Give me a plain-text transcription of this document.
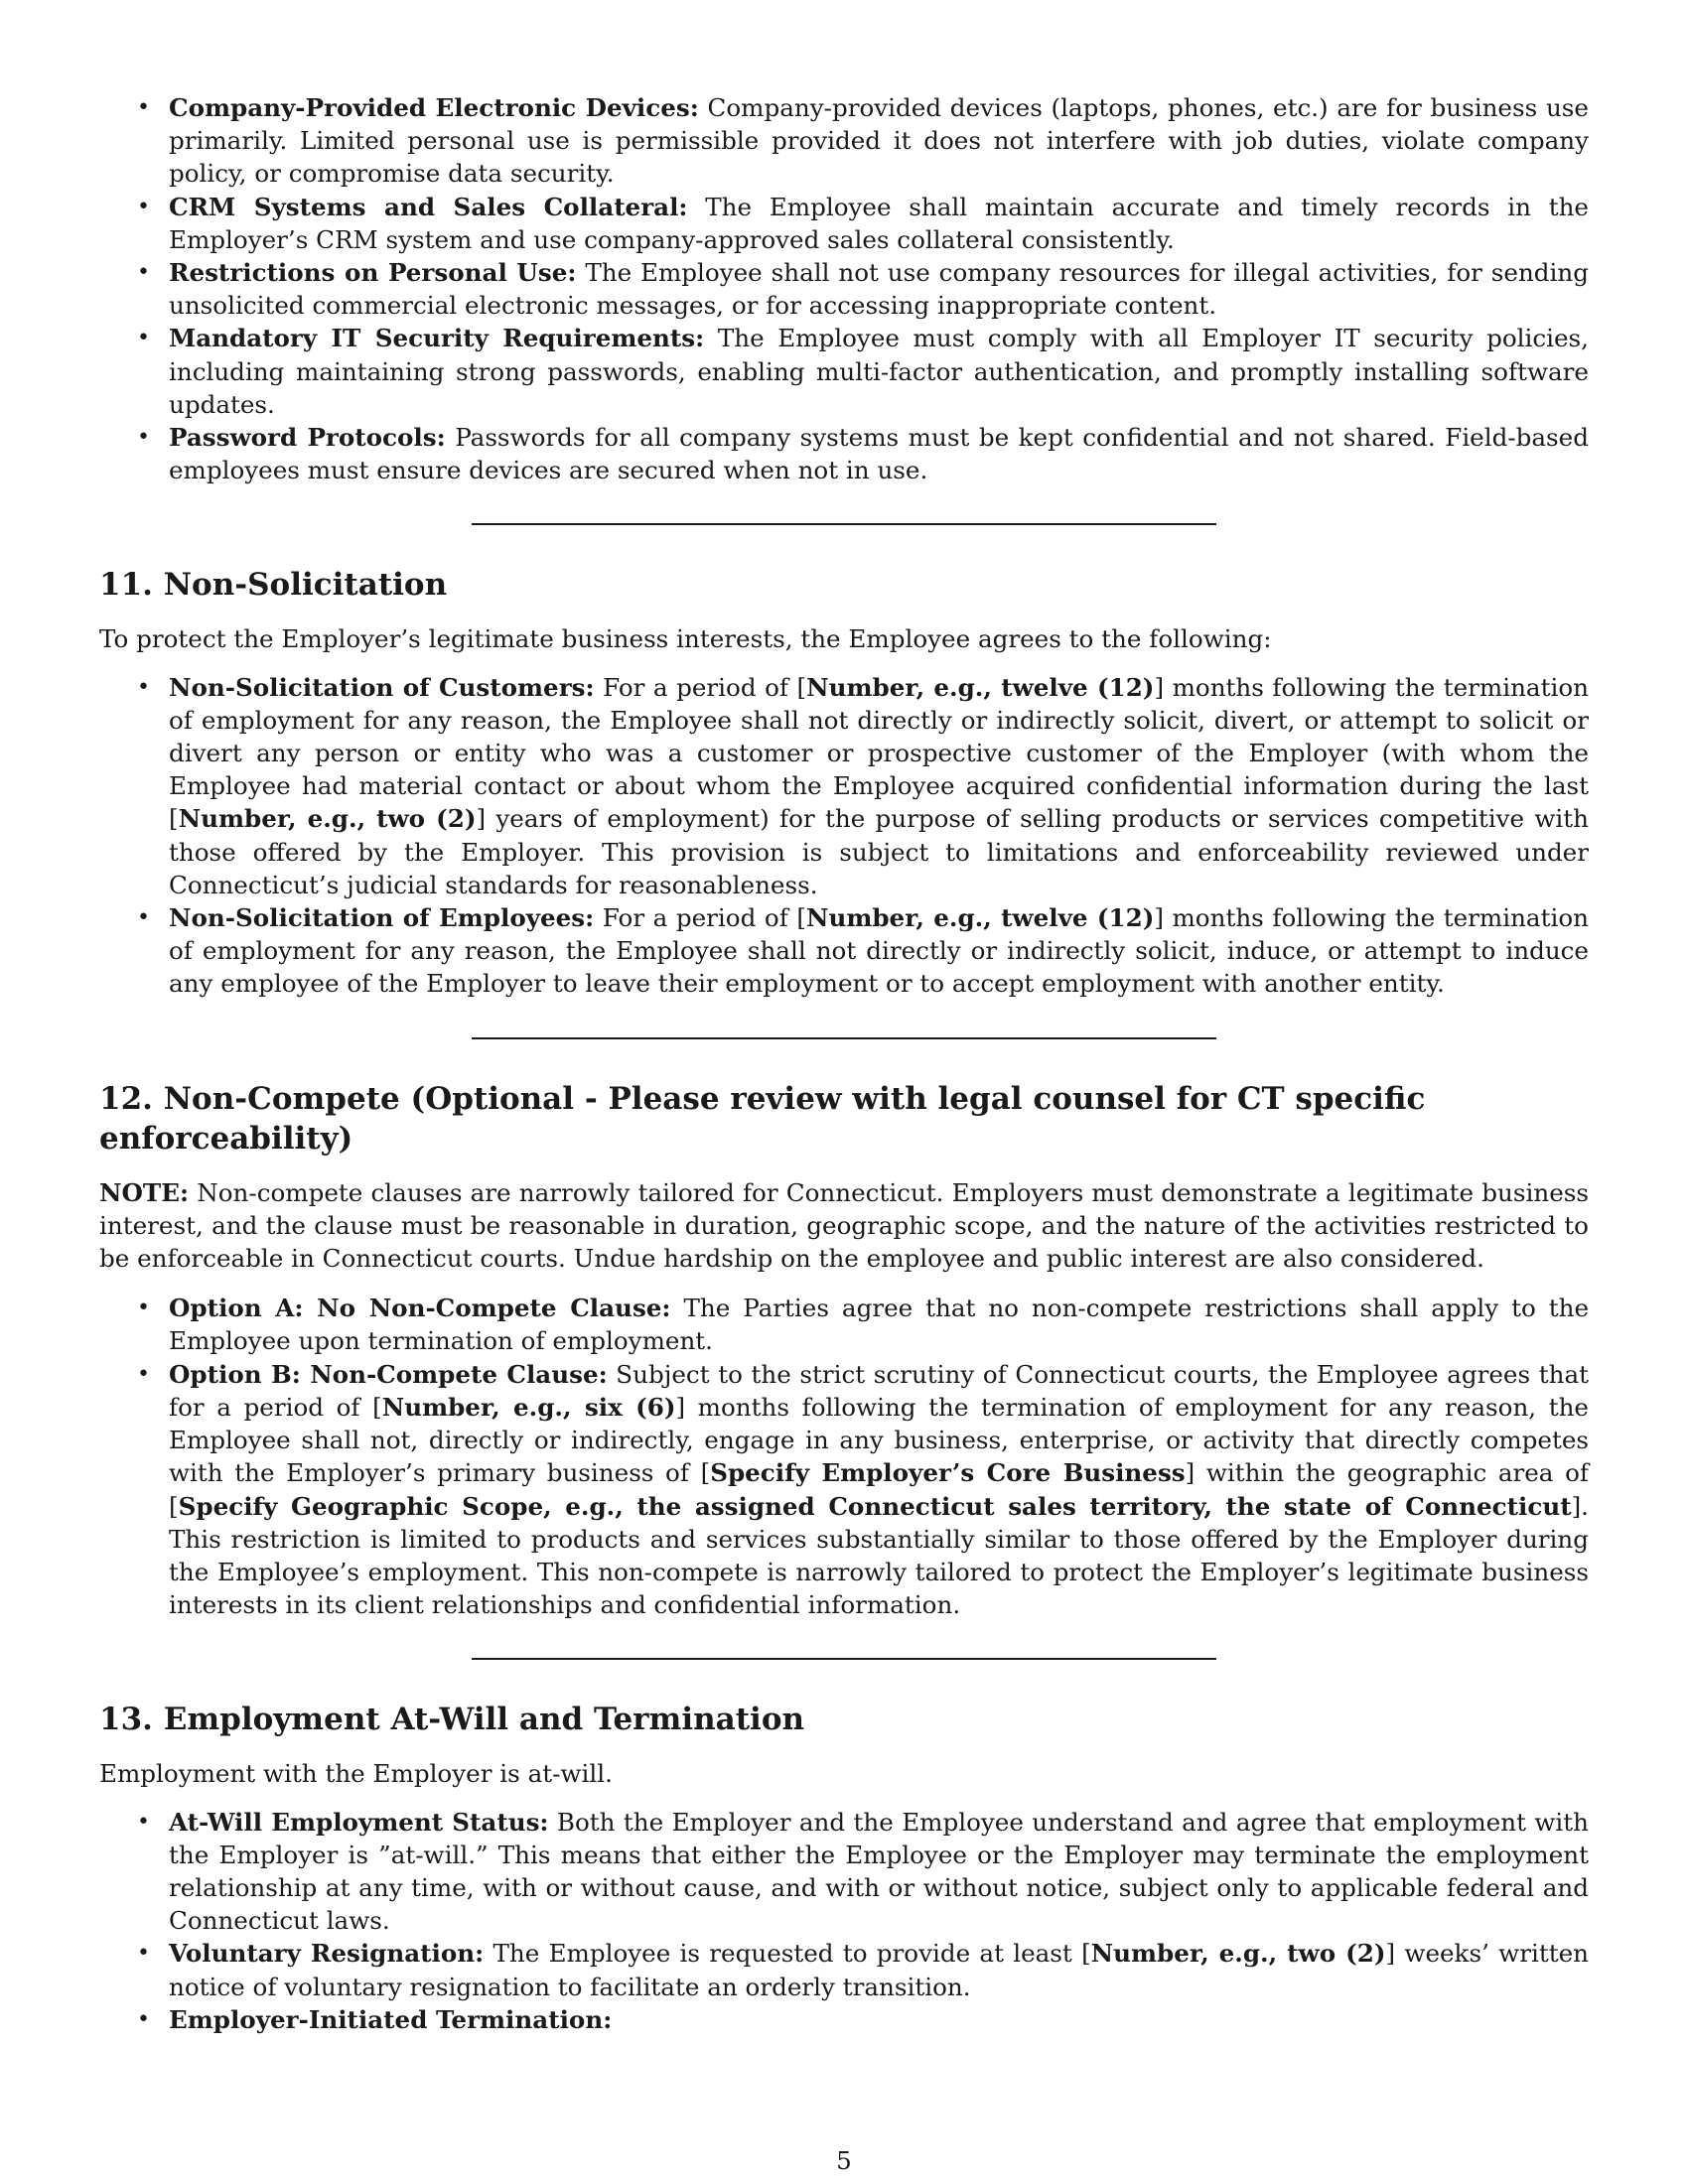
• Company-Provided Electronic Devices: Company-provided devices (laptops, phones, etc.) are for business use primarily. Limited personal use is permissible provided it does not interfere with job duties, violate company policy, or compromise data security.
• CRM Systems and Sales Collateral: The Employee shall maintain accurate and timely records in the Employer’s CRM system and use company-approved sales collateral consistently.
• Restrictions on Personal Use: The Employee shall not use company resources for illegal activities, for sending unsolicited commercial electronic messages, or for accessing inappropriate content.
• Mandatory IT Security Requirements: The Employee must comply with all Employer IT security policies, including maintaining strong passwords, enabling multi-factor authentication, and promptly installing software updates.
• Password Protocols: Passwords for all company systems must be kept confidential and not shared. Field-based employees must ensure devices are secured when not in use.
11. Non-Solicitation

To protect the Employer’s legitimate business interests, the Employee agrees to the following:

• Non-Solicitation of Customers: For a period of [Number, e.g., twelve (12)] months following the termination of employment for any reason, the Employee shall not directly or indirectly solicit, divert, or attempt to solicit or divert any person or entity who was a customer or prospective customer of the Employer (with whom the Employee had material contact or about whom the Employee acquired confidential information during the last [Number, e.g., two (2)] years of employment) for the purpose of selling products or services competitive with those offered by the Employer. This provision is subject to limitations and enforceability reviewed under Connecticut’s judicial standards for reasonableness.
• Non-Solicitation of Employees: For a period of [Number, e.g., twelve (12)] months following the termination of employment for any reason, the Employee shall not directly or indirectly solicit, induce, or attempt to induce any employee of the Employer to leave their employment or to accept employment with another entity.
12. Non-Compete (Optional - Please review with legal counsel for CT specific enforceability)

NOTE: Non-compete clauses are narrowly tailored for Connecticut. Employers must demonstrate a legitimate business interest, and the clause must be reasonable in duration, geographic scope, and the nature of the activities restricted to be enforceable in Connecticut courts. Undue hardship on the employee and public interest are also considered.

• Option A: No Non-Compete Clause: The Parties agree that no non-compete restrictions shall apply to the Employee upon termination of employment.
• Option B: Non-Compete Clause: Subject to the strict scrutiny of Connecticut courts, the Employee agrees that for a period of [Number, e.g., six (6)] months following the termination of employment for any reason, the Employee shall not, directly or indirectly, engage in any business, enterprise, or activity that directly competes with the Employer’s primary business of [Specify Employer’s Core Business] within the geographic area of [Specify Geographic Scope, e.g., the assigned Connecticut sales territory, the state of Connecticut]. This restriction is limited to products and services substantially similar to those offered by the Employer during the Employee’s employment. This non-compete is narrowly tailored to protect the Employer’s legitimate business interests in its client relationships and confidential information.
13. Employment At-Will and Termination

Employment with the Employer is at-will.

• At-Will Employment Status: Both the Employer and the Employee understand and agree that employment with the Employer is ”at-will.” This means that either the Employee or the Employer may terminate the employment relationship at any time, with or without cause, and with or without notice, subject only to applicable federal and Connecticut laws.
• Voluntary Resignation: The Employee is requested to provide at least [Number, e.g., two (2)] weeks’ written notice of voluntary resignation to facilitate an orderly transition.
• Employer-Initiated Termination:
5
